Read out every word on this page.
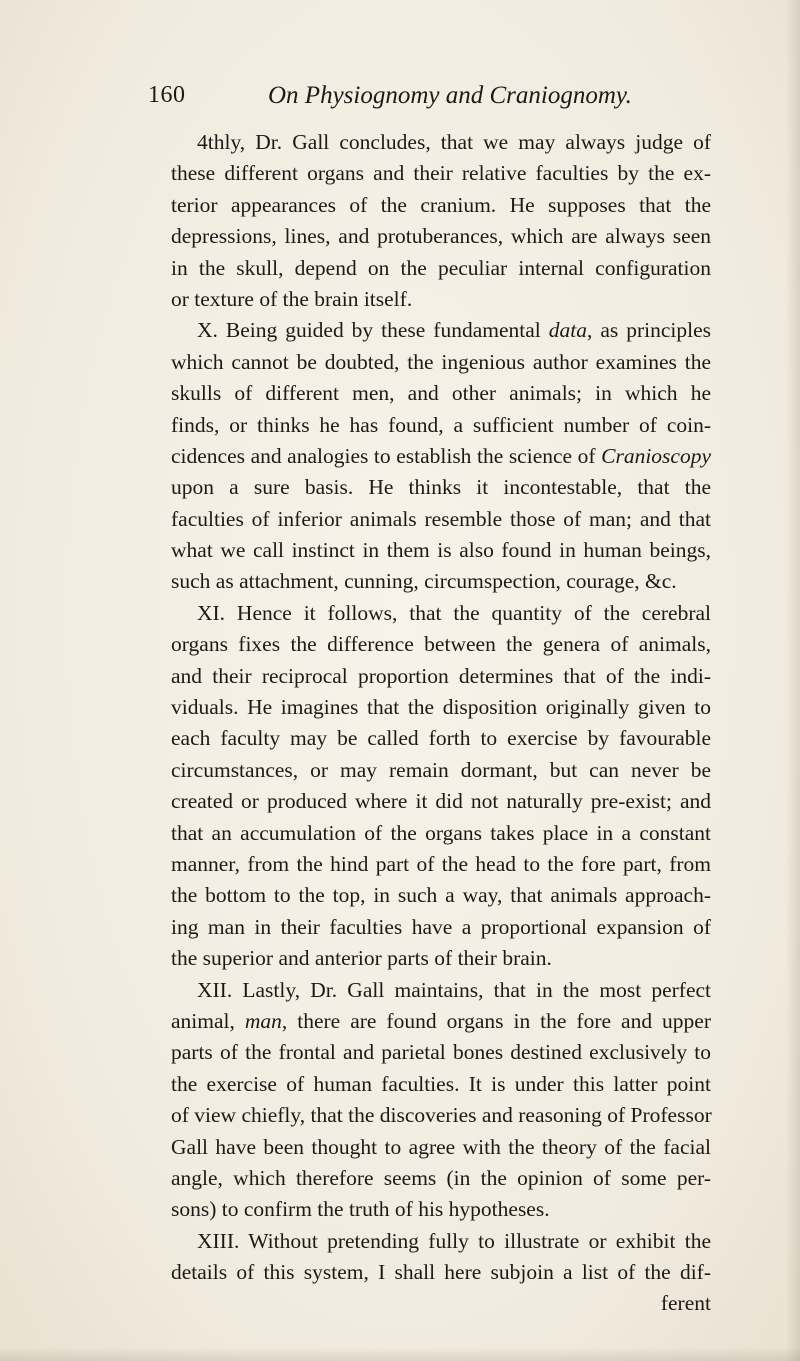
160	On Physiognomy and Craniognomy.
4thly, Dr. Gall concludes, that we may always judge of
these different organs and their relative faculties by the ex-
terior appearances of the cranium. He supposes that the
depressions, lines, and protuberances, which are always seen
in the skull, depend on the peculiar internal configuration
or texture of the brain itself.
X. Being guided by these fundamental data, as principles
which cannot be doubted, the ingenious author examines the
skulls of different men, and other animals; in which he
finds, or thinks he has found, a sufficient number of coin-
cidences and analogies to establish the science of Cranioscopy
upon a sure basis. He thinks it incontestable, that the
faculties of inferior animals resemble those of man; and that
what we call instinct in them is also found in human beings,
such as attachment, cunning, circumspection, courage, &c.
XI. Hence it follows, that the quantity of the cerebral
organs fixes the difference between the genera of animals,
and their reciprocal proportion determines that of the indi-
viduals. He imagines that the disposition originally given to
each faculty may be called forth to exercise by favourable
circumstances, or may remain dormant, but can never be
created or produced where it did not naturally pre-exist; and
that an accumulation of the organs takes place in a constant
manner, from the hind part of the head to the fore part, from
the bottom to the top, in such a way, that animals approach-
ing man in their faculties have a proportional expansion of
the superior and anterior parts of their brain.
XII. Lastly, Dr. Gall maintains, that in the most perfect
animal, man, there are found organs in the fore and upper
parts of the frontal and parietal bones destined exclusively to
the exercise of human faculties. It is under this latter point
of view chiefly, that the discoveries and reasoning of Professor
Gall have been thought to agree with the theory of the facial
angle, which therefore seems (in the opinion of some per-
sons) to confirm the truth of his hypotheses.
XIII. Without pretending fully to illustrate or exhibit the
details of this system, I shall here subjoin a list of the dif-
ferent
